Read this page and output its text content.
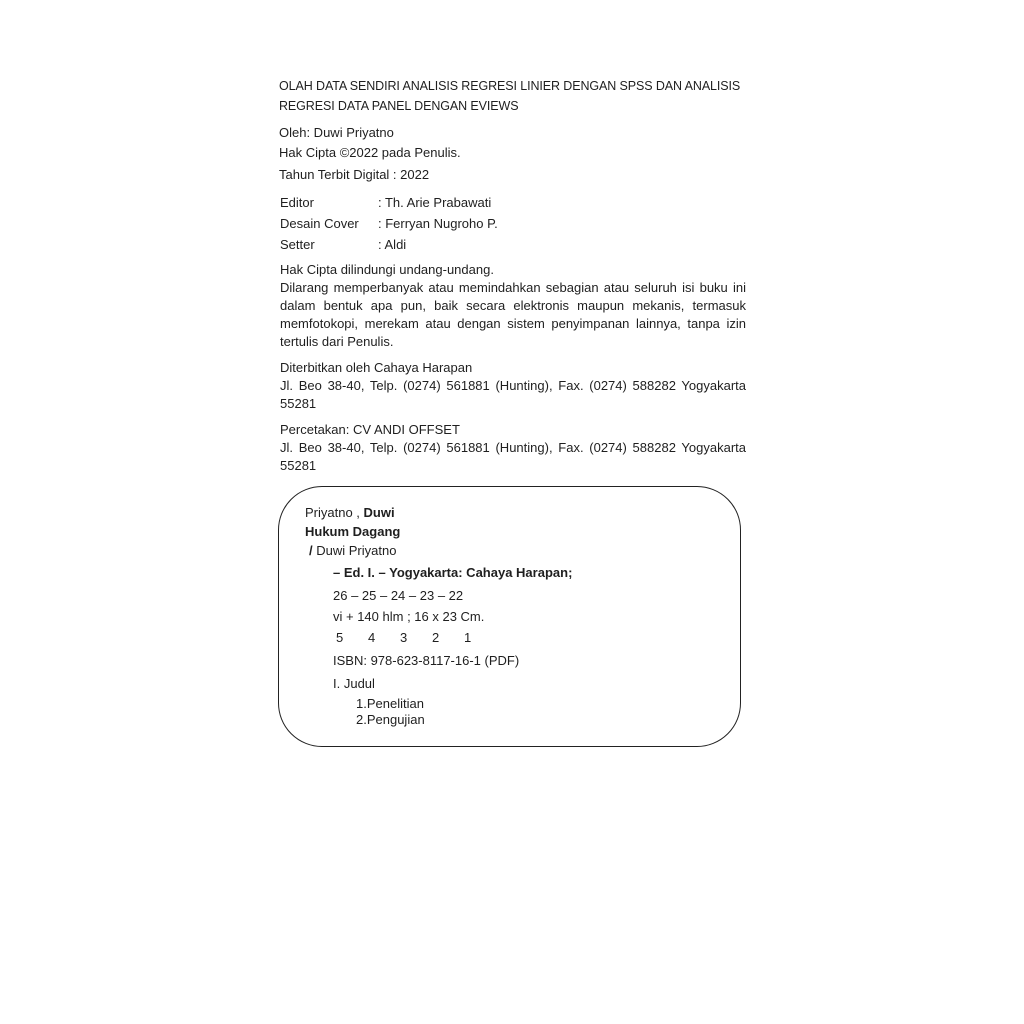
OLAH DATA SENDIRI ANALISIS REGRESI LINIER DENGAN SPSS DAN ANALISIS
REGRESI DATA PANEL DENGAN EVIEWS
Oleh: Duwi Priyatno
Hak Cipta ©2022 pada Penulis.
Tahun Terbit Digital : 2022
Editor	: Th. Arie Prabawati
Desain Cover : Ferryan Nugroho P.
Setter	: Aldi
Hak Cipta dilindungi undang-undang.
Dilarang memperbanyak atau memindahkan sebagian atau seluruh isi buku ini dalam bentuk apa pun, baik secara elektronis maupun mekanis, termasuk memfotokopi, merekam atau dengan sistem penyimpanan lainnya, tanpa izin tertulis dari Penulis.
Diterbitkan oleh Cahaya Harapan
Jl. Beo 38-40, Telp. (0274) 561881 (Hunting), Fax. (0274) 588282 Yogyakarta 55281
Percetakan: CV ANDI OFFSET
Jl. Beo 38-40, Telp. (0274) 561881 (Hunting), Fax. (0274) 588282 Yogyakarta 55281
Priyatno , Duwi
Hukum Dagang
/ Duwi Priyatno
– Ed. I. – Yogyakarta: Cahaya Harapan;
26 – 25 – 24 – 23 – 22
vi + 140 hlm ; 16 x 23 Cm.
5 4 3 2 1
ISBN: 978-623-8117-16-1 (PDF)
I. Judul
1.Penelitian
2.Pengujian
